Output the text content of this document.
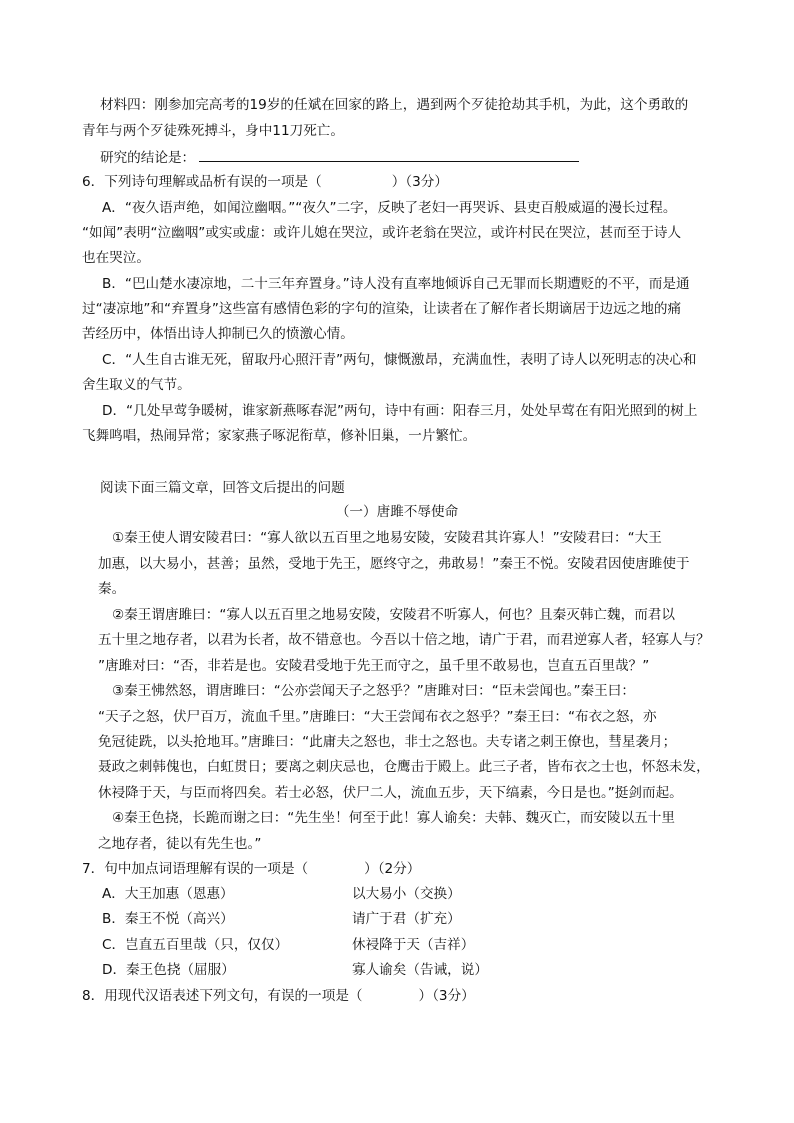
材料四：刚参加完高考的19岁的任斌在回家的路上，遇到两个歹徒抢劫其手机，为此，这个勇敢的
青年与两个歹徒殊死搏斗，身中11刀死亡。
研究的结论是：
6．下列诗句理解或品析有误的一项是（	）（3分）
A．“夜久语声绝，如闻泣幽咽。”“夜久”二字，反映了老妇一再哭诉、县吏百般威逼的漫长过程。
“如闻”表明“泣幽咽”或实或虚：或许儿媳在哭泣，或许老翁在哭泣，或许村民在哭泣，甚而至于诗人
也在哭泣。
B．“巴山楚水凄凉地，二十三年弃置身。”诗人没有直率地倾诉自己无罪而长期遭贬的不平，而是通
过“凄凉地”和“弃置身”这些富有感情色彩的字句的渲染，让读者在了解作者长期谪居于边远之地的痛
苦经历中，体悟出诗人抑制已久的愤激心情。
C．“人生自古谁无死，留取丹心照汗青”两句，慷慨激昂，充满血性，表明了诗人以死明志的决心和
舍生取义的气节。
D．“几处早莺争暖树，谁家新燕啄春泥”两句，诗中有画：阳春三月，处处早莺在有阳光照到的树上
飞舞鸣唱，热闹异常；家家燕子啄泥衔草，修补旧巢，一片繁忙。
阅读下面三篇文章，回答文后提出的问题
（一）唐雎不辱使命
①秦王使人谓安陵君曰：“寡人欲以五百里之地易安陵，安陵君其许寡人！”安陵君曰：“大王
加惠，以大易小，甚善；虽然，受地于先王，愿终守之，弗敢易！”秦王不悦。安陵君因使唐雎使于
秦。
②秦王谓唐雎曰：“寡人以五百里之地易安陵，安陵君不听寡人，何也？且秦灭韩亡魏，而君以
五十里之地存者，以君为长者，故不错意也。今吾以十倍之地，请广于君，而君逆寡人者，轻寡人与？
”唐雎对曰：“否，非若是也。安陵君受地于先王而守之，虽千里不敢易也，岂直五百里哉？”
③秦王怫然怒，谓唐雎曰：“公亦尝闻天子之怒乎？”唐雎对曰：“臣未尝闻也。”秦王曰：
“天子之怒，伏尸百万，流血千里。”唐雎曰：“大王尝闻布衣之怒乎？”秦王曰：“布衣之怒，亦
免冠徒跣，以头抢地耳。”唐雎曰：“此庸夫之怒也，非士之怒也。夫专诸之刺王僚也，彗星袭月；
聂政之刺韩傀也，白虹贯日；要离之刺庆忌也，仓鹰击于殿上。此三子者，皆布衣之士也，怀怒未发，
休祲降于天，与臣而将四矣。若士必怒，伏尸二人，流血五步，天下缟素，今日是也。”挺剑而起。
④秦王色挠，长跪而谢之曰：“先生坐！何至于此！寡人谕矣：夫韩、魏灭亡，而安陵以五十里
之地存者，徒以有先生也。”
7．句中加点词语理解有误的一项是（	）（2分）
A．大王加惠（恩惠）	以大易小（交换）
B．秦王不悦（高兴）	请广于君（扩充）
C．岂直五百里哉（只，仅仅）	休祲降于天（吉祥）
D．秦王色挠（屈服）	寡人谕矣（告诫，说）
8．用现代汉语表述下列文句，有误的一项是（	）（3分）
